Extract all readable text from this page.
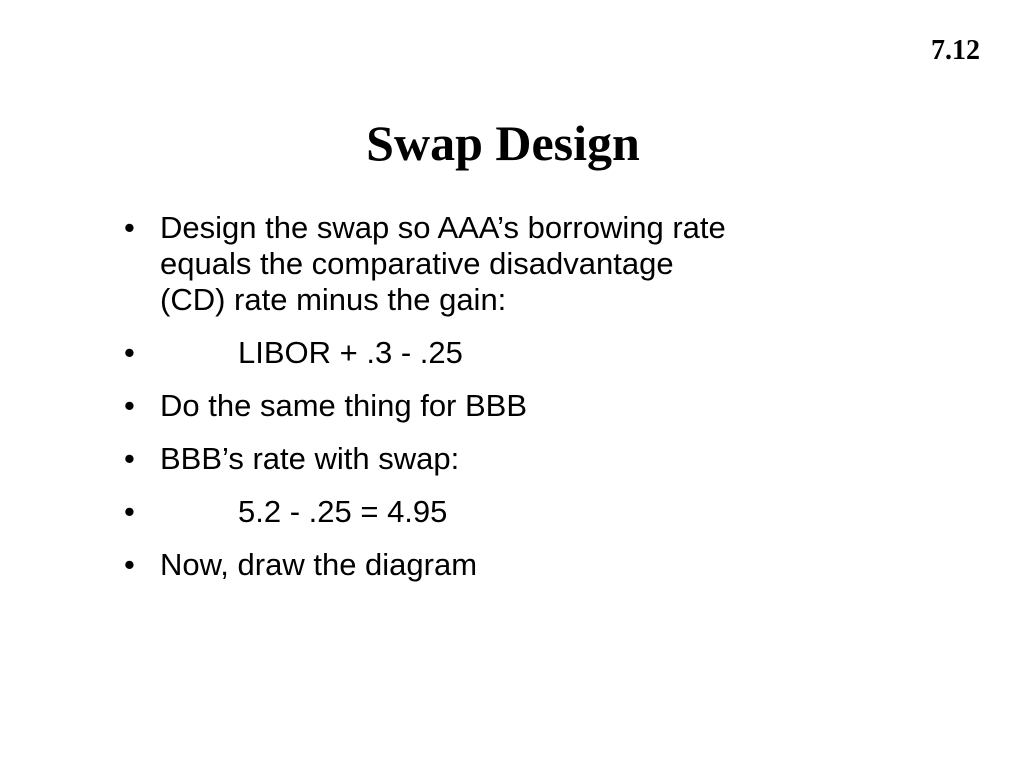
7.12
Swap Design
• Design the swap so AAA’s borrowing rate equals the comparative disadvantage (CD) rate minus the gain:
•	LIBOR + .3 - .25
• Do the same thing for BBB
• BBB’s rate with swap:
•	5.2 - .25 = 4.95
• Now, draw the diagram
